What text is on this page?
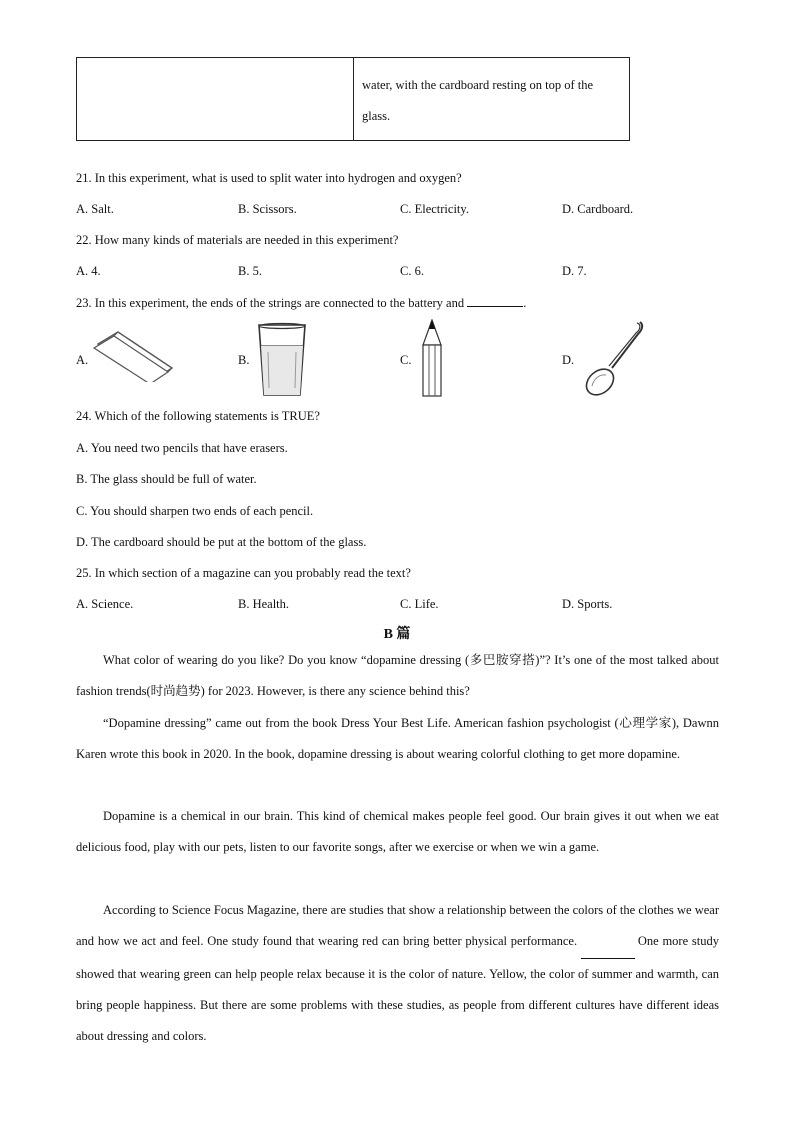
	water, with the cardboard resting on top of the glass.
21. In this experiment, what is used to split water into hydrogen and oxygen?
A. Salt.	B. Scissors.	C. Electricity.	D. Cardboard.
22. How many kinds of materials are needed in this experiment?
A. 4.	B. 5.	C. 6.	D. 7.
23. In this experiment, the ends of the strings are connected to the battery and	.
A.	B.	C.	D.
24. Which of the following statements is TRUE?
A. You need two pencils that have erasers.
B. The glass should be full of water.
C. You should sharpen two ends of each pencil.
D. The cardboard should be put at the bottom of the glass.
25. In which section of a magazine can you probably read the text?
A. Science.	B. Health.	C. Life.	D. Sports.
B 篇

What color of wearing do you like? Do you know “dopamine dressing (多巴胺穿搭)”? It’s one of the most talked about fashion trends(时尚趋势) for 2023. However, is there any science behind this?

“Dopamine dressing” came out from the book Dress Your Best Life. American fashion psychologist (心理学家), Dawnn Karen wrote this book in 2020. In the book, dopamine dressing is about wearing colorful clothing to get more dopamine.

Dopamine is a chemical in our brain. This kind of chemical makes people feel good. Our brain gives it out when we eat delicious food, play with our pets, listen to our favorite songs, after we exercise or when we win a game.

According to Science Focus Magazine, there are studies that show a relationship between the colors of the clothes we wear and how we act and feel. One study found that wearing red can bring better physical performance.	One more study showed that wearing green can help people relax because it is the color of nature. Yellow, the color of summer and warmth, can bring people happiness. But there are some problems with these studies, as people from different cultures have different ideas about dressing and colors.
